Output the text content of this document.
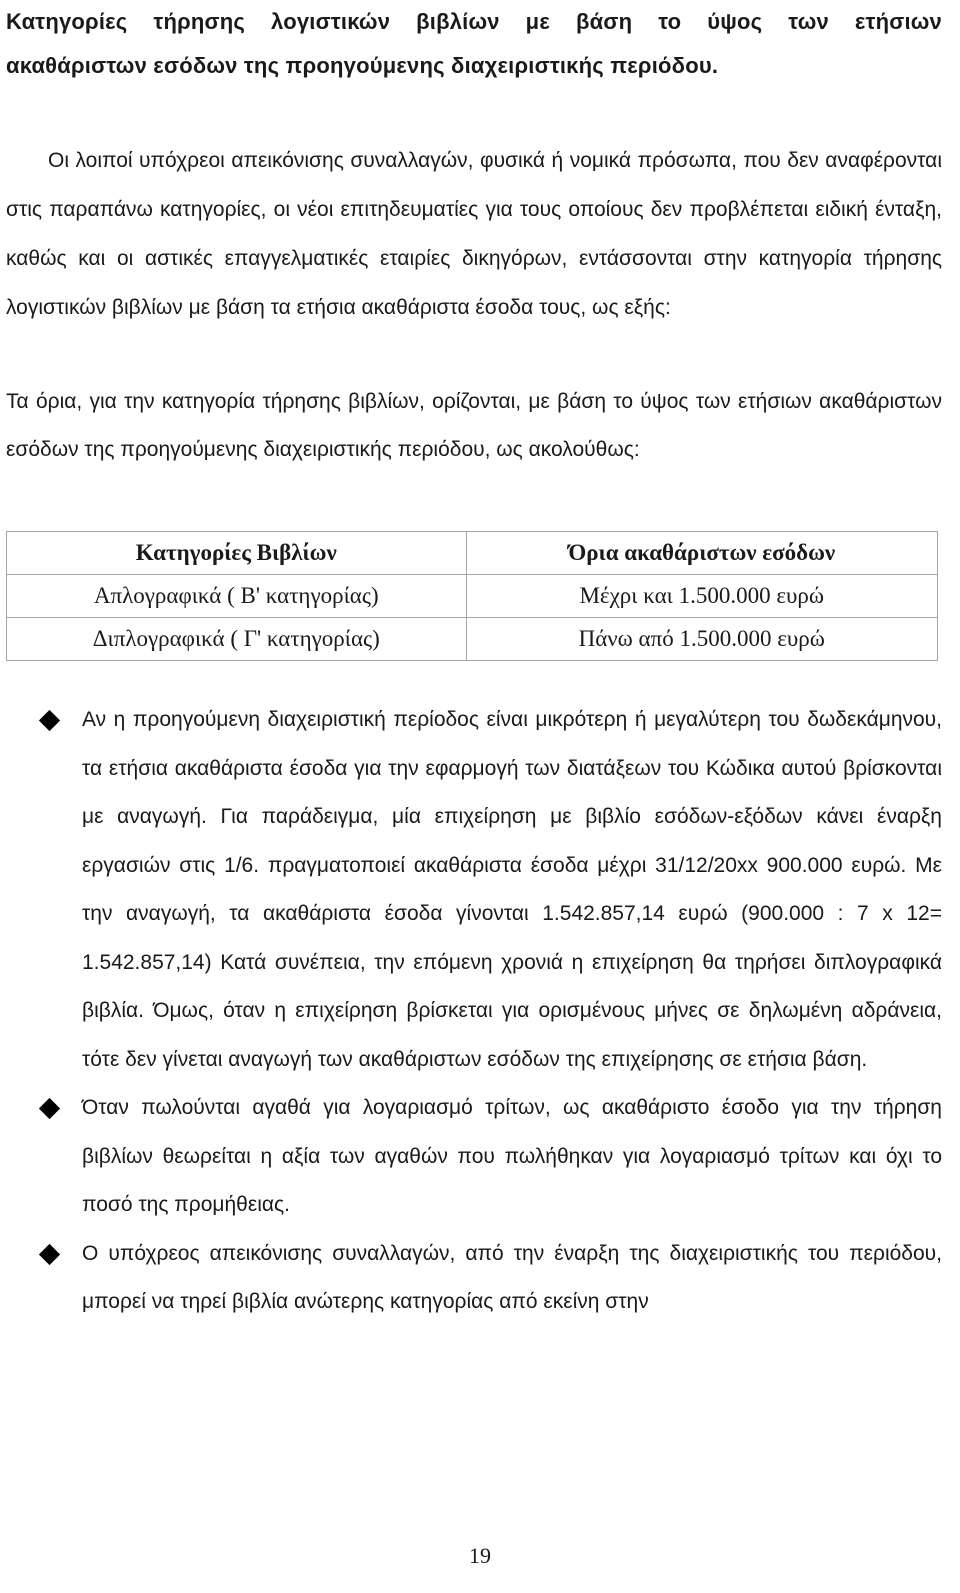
Κατηγορίες τήρησης λογιστικών βιβλίων με βάση το ύψος των ετήσιων
ακαθάριστων εσόδων της προηγούμενης διαχειριστικής περιόδου.

Οι λοιποί υπόχρεοι απεικόνισης συναλλαγών, φυσικά ή νομικά πρόσωπα, που δεν αναφέρονται στις παραπάνω κατηγορίες, οι νέοι επιτηδευματίες για τους οποίους δεν προβλέπεται ειδική ένταξη, καθώς και οι αστικές επαγγελματικές εταιρίες δικηγόρων, εντάσσονται στην κατηγορία τήρησης λογιστικών βιβλίων με βάση τα ετήσια ακαθάριστα έσοδα τους, ως εξής:

Τα όρια, για την κατηγορία τήρησης βιβλίων, ορίζονται, με βάση το ύψος των ετήσιων ακαθάριστων εσόδων της προηγούμενης διαχειριστικής περιόδου, ως ακολούθως:

Κατηγορίες Βιβλίων	Όρια ακαθάριστων εσόδων
Απλογραφικά ( Β' κατηγορίας)	Μέχρι και 1.500.000 ευρώ
Διπλογραφικά ( Γ' κατηγορίας)	Πάνω από 1.500.000 ευρώ
Αν η προηγούμενη διαχειριστική περίοδος είναι μικρότερη ή μεγαλύτερη του δωδεκάμηνου, τα ετήσια ακαθάριστα έσοδα για την εφαρμογή των διατάξεων του Κώδικα αυτού βρίσκονται με αναγωγή. Για παράδειγμα, μία επιχείρηση με βιβλίο εσόδων-εξόδων κάνει έναρξη εργασιών στις 1/6. πραγματοποιεί ακαθάριστα έσοδα μέχρι 31/12/20xx 900.000 ευρώ. Με την αναγωγή, τα ακαθάριστα έσοδα γίνονται 1.542.857,14 ευρώ (900.000 : 7 x 12= 1.542.857,14) Κατά συνέπεια, την επόμενη χρονιά η επιχείρηση θα τηρήσει διπλογραφικά βιβλία. Όμως, όταν η επιχείρηση βρίσκεται για ορισμένους μήνες σε δηλωμένη αδράνεια, τότε δεν γίνεται αναγωγή των ακαθάριστων εσόδων της επιχείρησης σε ετήσια βάση.
Όταν πωλούνται αγαθά για λογαριασμό τρίτων, ως ακαθάριστο έσοδο για την τήρηση βιβλίων θεωρείται η αξία των αγαθών που πωλήθηκαν για λογαριασμό τρίτων και όχι το ποσό της προμήθειας.
Ο υπόχρεος απεικόνισης συναλλαγών, από την έναρξη της διαχειριστικής του περιόδου, μπορεί να τηρεί βιβλία ανώτερης κατηγορίας από εκείνη στην
19
